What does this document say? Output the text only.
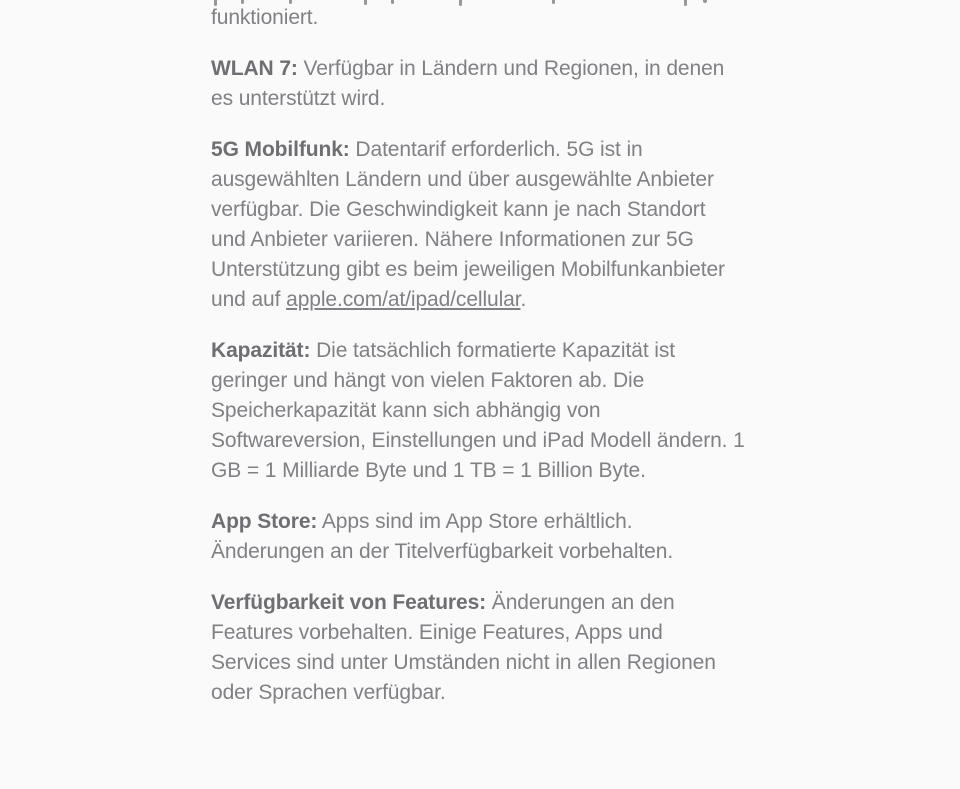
funktioniert.

WLAN 7: Verfügbar in Ländern und Regionen, in denen es unterstützt wird.

5G Mobilfunk: Datentarif erforderlich. 5G ist in ausgewählten Ländern und über ausgewählte Anbieter verfügbar. Die Geschwindigkeit kann je nach Standort und Anbieter variieren. Nähere Informationen zur 5G Unterstützung gibt es beim jeweiligen Mobilfunkanbieter und auf apple.com/at/ipad/cellular.

Kapazität: Die tatsächlich formatierte Kapazität ist geringer und hängt von vielen Faktoren ab. Die Speicherkapazität kann sich abhängig von Softwareversion, Einstellungen und iPad Modell ändern. 1 GB = 1 Milliarde Byte und 1 TB = 1 Billion Byte.

App Store: Apps sind im App Store erhältlich. Änderungen an der Titelverfügbarkeit vorbehalten.

Verfügbarkeit von Features: Änderungen an den Features vorbehalten. Einige Features, Apps und Services sind unter Umständen nicht in allen Regionen oder Sprachen verfügbar.
